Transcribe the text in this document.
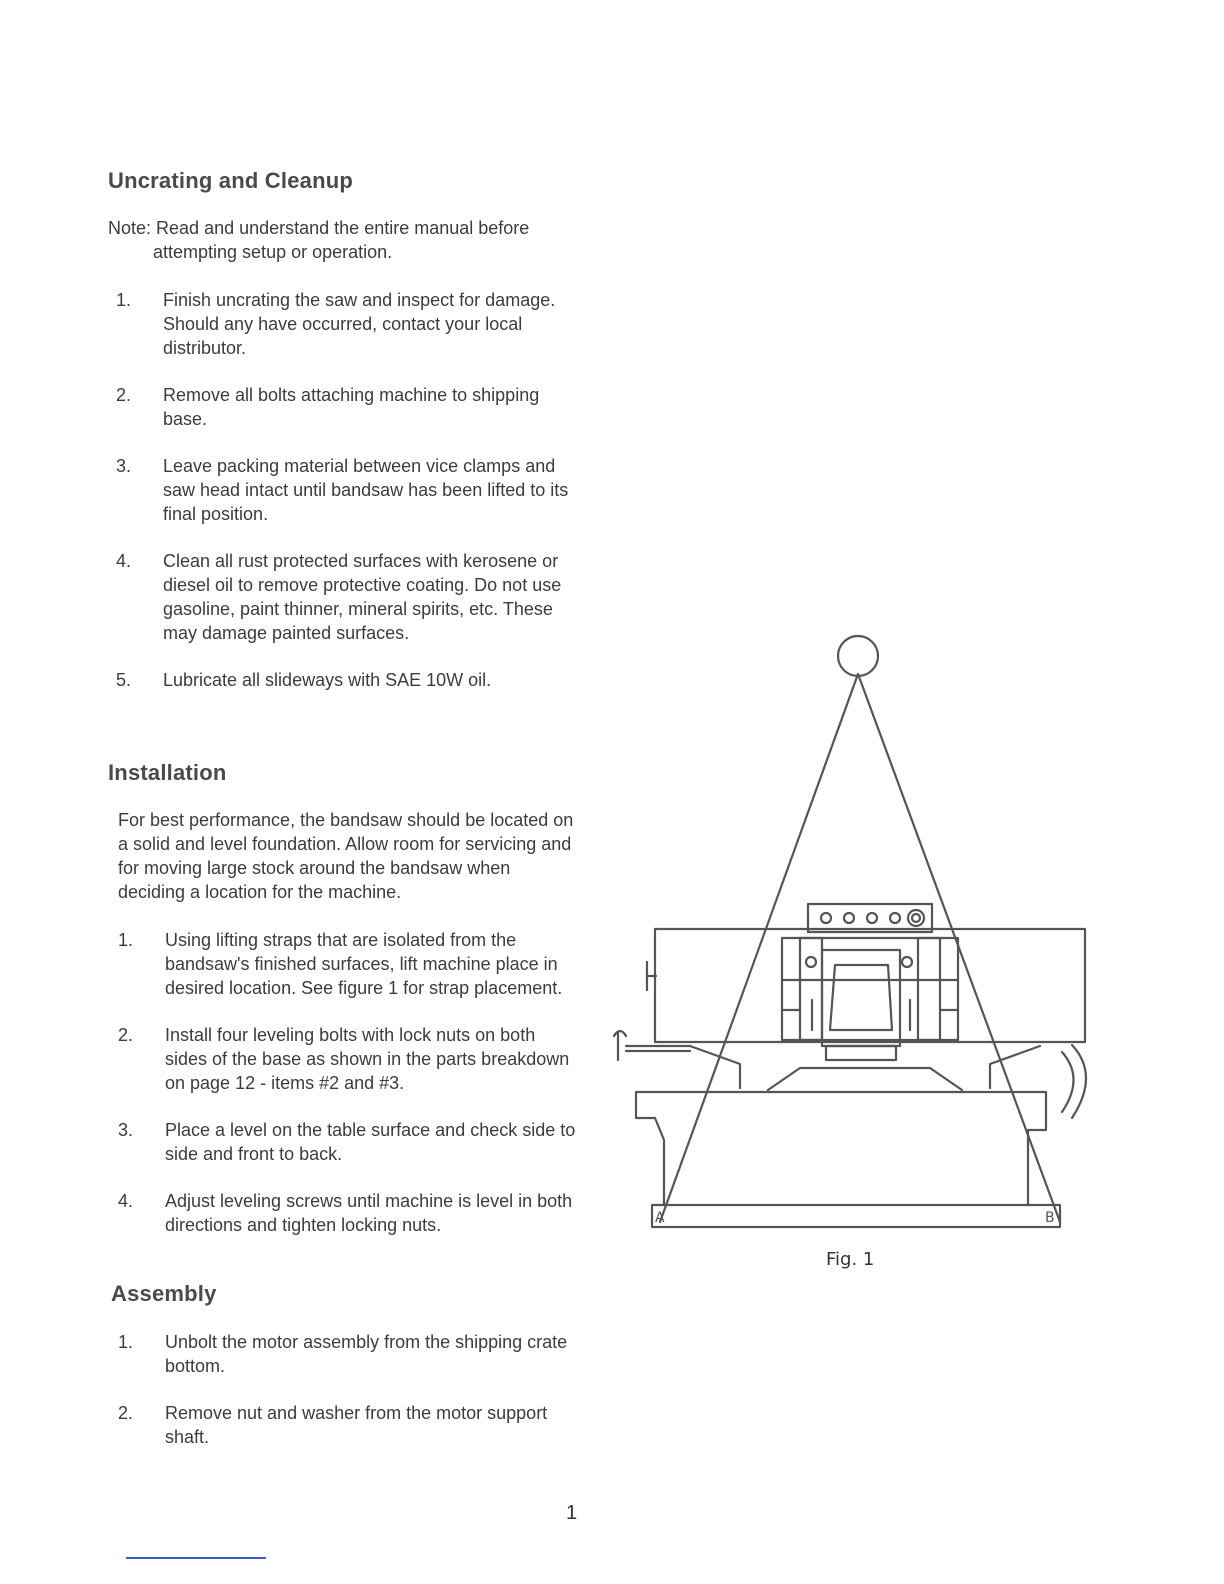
Uncrating and Cleanup
Note: Read and understand the entire manual before
attempting setup or operation.
1.	Finish uncrating the saw and inspect for damage. Should any have occurred, contact your local distributor.
2.	Remove all bolts attaching machine to shipping base.
3.	Leave packing material between vice clamps and saw head intact until bandsaw has been lifted to its final position.
4.	Clean all rust protected surfaces with kerosene or diesel oil to remove protective coating. Do not use gasoline, paint thinner, mineral spirits, etc. These may damage painted surfaces.
5.	Lubricate all slideways with SAE 10W oil.
Installation

For best performance, the bandsaw should be located on a solid and level foundation. Allow room for servicing and for moving large stock around the bandsaw when deciding a location for the machine.

1.	Using lifting straps that are isolated from the bandsaw's finished surfaces, lift machine place in desired location. See figure 1 for strap placement.
2.	Install four leveling bolts with lock nuts on both sides of the base as shown in the parts breakdown on page 12 - items #2 and #3.
3.	Place a level on the table surface and check side to side and front to back.
4.	Adjust leveling screws until machine is level in both directions and tighten locking nuts.
Assembly
1.	Unbolt the motor assembly from the shipping crate bottom.
2.	Remove nut and washer from the motor support shaft.
A	B
Fig. 1
1
